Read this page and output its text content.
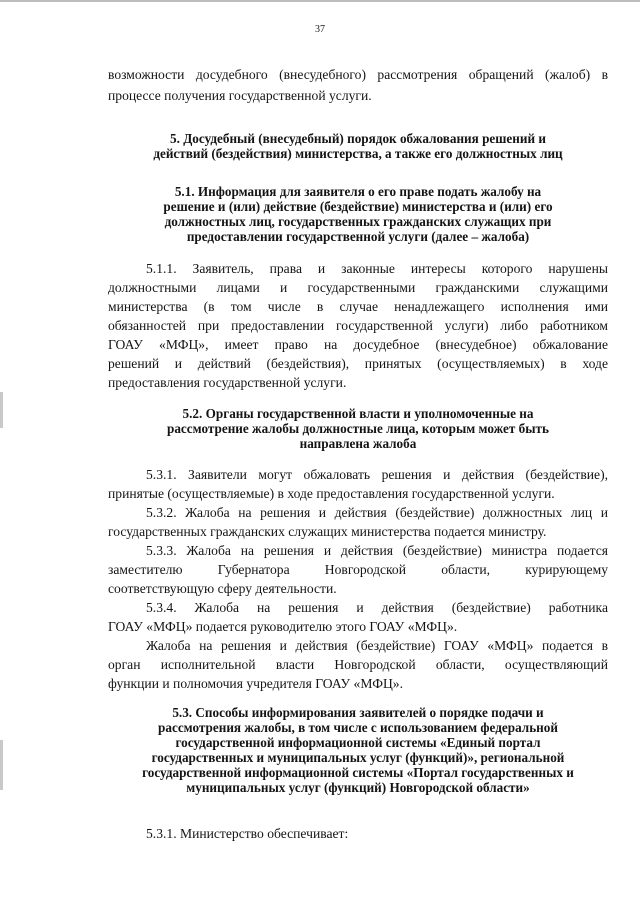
37
возможности досудебного (внесудебного) рассмотрения обращений (жалоб) в
процессе получения государственной услуги.
5. Досудебный (внесудебный) порядок обжалования решений и
действий (бездействия) министерства, а также его должностных лиц
5.1. Информация для заявителя о его праве подать жалобу на
решение и (или) действие (бездействие) министерства и (или) его
должностных лиц, государственных гражданских служащих при
предоставлении государственной услуги (далее – жалоба)
5.1.1. Заявитель, права и законные интересы которого нарушены
должностными лицами и государственными гражданскими служащими
министерства (в том числе в случае ненадлежащего исполнения ими
обязанностей при предоставлении государственной услуги) либо работником
ГОАУ «МФЦ», имеет право на досудебное (внесудебное) обжалование
решений и действий (бездействия), принятых (осуществляемых) в ходе
предоставления государственной услуги.
5.2. Органы государственной власти и уполномоченные на
рассмотрение жалобы должностные лица, которым может быть
направлена жалоба
5.3.1. Заявители могут обжаловать решения и действия (бездействие),
принятые (осуществляемые) в ходе предоставления государственной услуги.
5.3.2. Жалоба на решения и действия (бездействие) должностных лиц и
государственных гражданских служащих министерства подается министру.
5.3.3. Жалоба на решения и действия (бездействие) министра подается
заместителю Губернатора Новгородской области, курирующему
соответствующую сферу деятельности.
5.3.4. Жалоба на решения и действия (бездействие) работника
ГОАУ «МФЦ» подается руководителю этого ГОАУ «МФЦ».
Жалоба на решения и действия (бездействие) ГОАУ «МФЦ» подается в
орган исполнительной власти Новгородской области, осуществляющий
функции и полномочия учредителя ГОАУ «МФЦ».
5.3. Способы информирования заявителей о порядке подачи и
рассмотрения жалобы, в том числе с использованием федеральной
государственной информационной системы «Единый портал
государственных и муниципальных услуг (функций)», региональной
государственной информационной системы «Портал государственных и
муниципальных услуг (функций) Новгородской области»
5.3.1. Министерство обеспечивает:
